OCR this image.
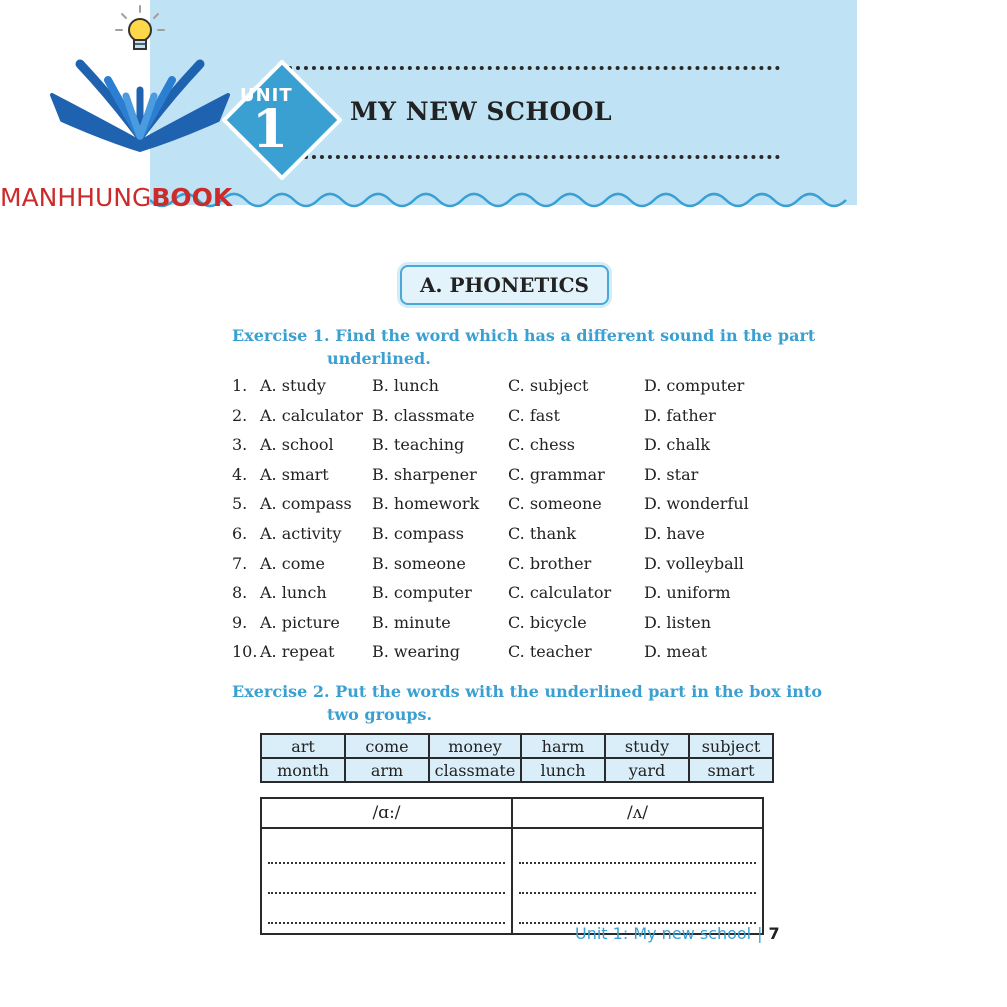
UNIT
1 MY NEW SCHOOL
MANHHUNGBOOK
A. PHONETICS
Exercise 1. Find the word which has a different sound in the part
underlined.
1. A. study	B. lunch	C. subject	D. computer
2. A. calculator B. classmate C. fast	D. father
3. A. school B. teaching	C. chess	D. chalk
4. A. smart	B. sharpener C. grammar D. star
5. A. compass B. homework C. someone	D. wonderful
6. A. activity B. compass	C. thank	D. have
7. A. come	B. someone	C. brother	D. volleyball
8. A. lunch	B. computer C. calculator D. uniform
9. A. picture B. minute	C. bicycle	D. listen
10. A. repeat B. wearing	C. teacher	D. meat
Exercise 2. Put the words with the underlined part in the box into
two groups.
art	come	money	harm	study	subject
month	arm	classmate	lunch	yard	smart
/ɑ:/	/ʌ/

Unit 1: My new school | 7
